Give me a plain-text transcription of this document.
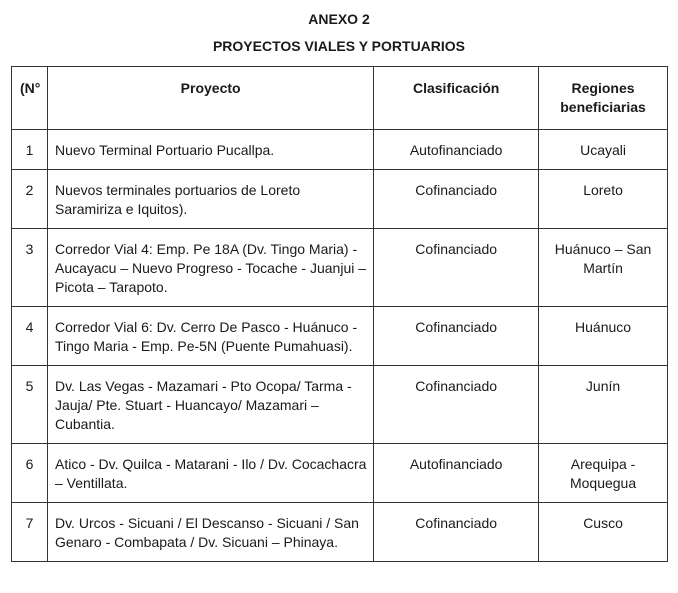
ANEXO 2
PROYECTOS VIALES Y PORTUARIOS
(N°	Proyecto	Clasificación	Regiones beneficiarias
1	Nuevo Terminal Portuario Pucallpa.	Autofinanciado	Ucayali
2	Nuevos terminales portuarios de Loreto Saramiriza e Iquitos).	Cofinanciado	Loreto
3	Corredor Vial 4: Emp. Pe 18A (Dv. Tingo Maria) - Aucayacu – Nuevo Progreso - Tocache - Juanjui – Picota – Tarapoto.	Cofinanciado	Huánuco – San Martín
4	Corredor Vial 6: Dv. Cerro De Pasco - Huánuco - Tingo Maria - Emp. Pe-5N (Puente Pumahuasi).	Cofinanciado	Huánuco
5	Dv. Las Vegas - Mazamari - Pto Ocopa/ Tarma - Jauja/ Pte. Stuart - Huancayo/ Mazamari – Cubantia.	Cofinanciado	Junín
6	Atico - Dv. Quilca - Matarani - Ilo / Dv. Cocachacra – Ventillata.	Autofinanciado	Arequipa - Moquegua
7	Dv. Urcos - Sicuani / El Descanso - Sicuani / San Genaro - Combapata / Dv. Sicuani – Phinaya.	Cofinanciado	Cusco
